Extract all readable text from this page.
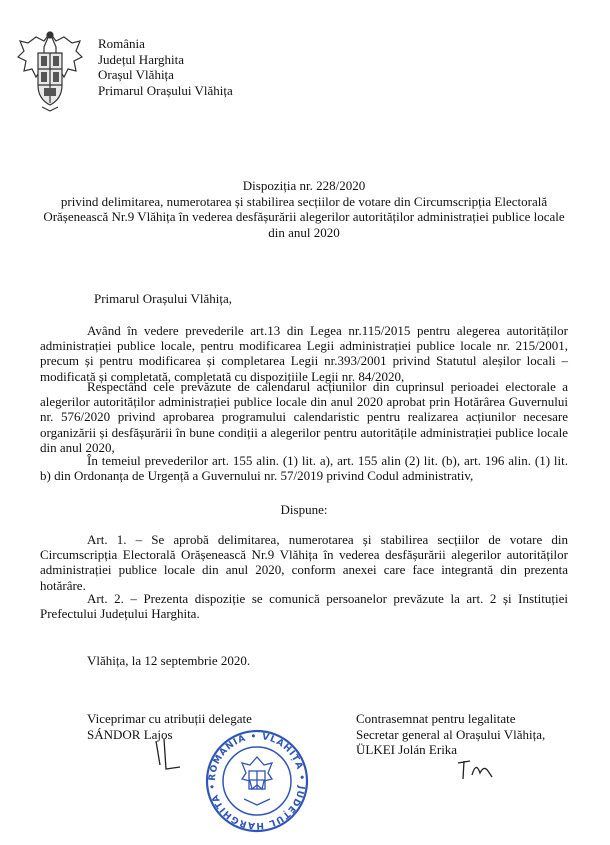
România
Județul Harghita
Orașul Vlăhița
Primarul Orașului Vlăhița
Dispoziția nr. 228/2020
privind delimitarea, numerotarea și stabilirea secțiilor de votare din Circumscripția Electorală Orășenească Nr.9 Vlăhița în vederea desfășurării alegerilor autorităților administrației publice locale din anul 2020
Primarul Orașului Vlăhița,
Având în vedere prevederile art.13 din Legea nr.115/2015 pentru alegerea autorităților administrației publice locale, pentru modificarea Legii administrației publice locale nr. 215/2001, precum și pentru modificarea și completarea Legii nr.393/2001 privind Statutul aleșilor locali – modificată și completată, completată cu dispozițiile Legii nr. 84/2020,
Respectând cele prevăzute de calendarul acțiunilor din cuprinsul perioadei electorale a alegerilor autorităților administrației publice locale din anul 2020 aprobat prin Hotărârea Guvernului nr. 576/2020 privind aprobarea programului calendaristic pentru realizarea acțiunilor necesare organizării și desfășurării în bune condiții a alegerilor pentru autoritățile administrației publice locale din anul 2020,
În temeiul prevederilor art. 155 alin. (1) lit. a), art. 155 alin (2) lit. (b), art. 196 alin. (1) lit. b) din Ordonanța de Urgență a Guvernului nr. 57/2019 privind Codul administrativ,
Dispune:
Art. 1. – Se aprobă delimitarea, numerotarea și stabilirea secțiilor de votare din Circumscripția Electorală Orășenească Nr.9 Vlăhița în vederea desfășurării alegerilor autorităților administrației publice locale din anul 2020, conform anexei care face integrantă din prezenta hotărâre.
Art. 2. – Prezenta dispoziție se comunică persoanelor prevăzute la art. 2 și Instituției Prefectului Județului Harghita.
Vlăhița, la 12 septembrie 2020.
Viceprimar cu atribuții delegate
SÁNDOR Lajos
Contrasemnat pentru legalitate
Secretar general al Orașului Vlăhița,
ÜLKEI Jolán Erika
ROMÂNIA • VLĂHIȚA • JUDEȚUL HARGHITA •
